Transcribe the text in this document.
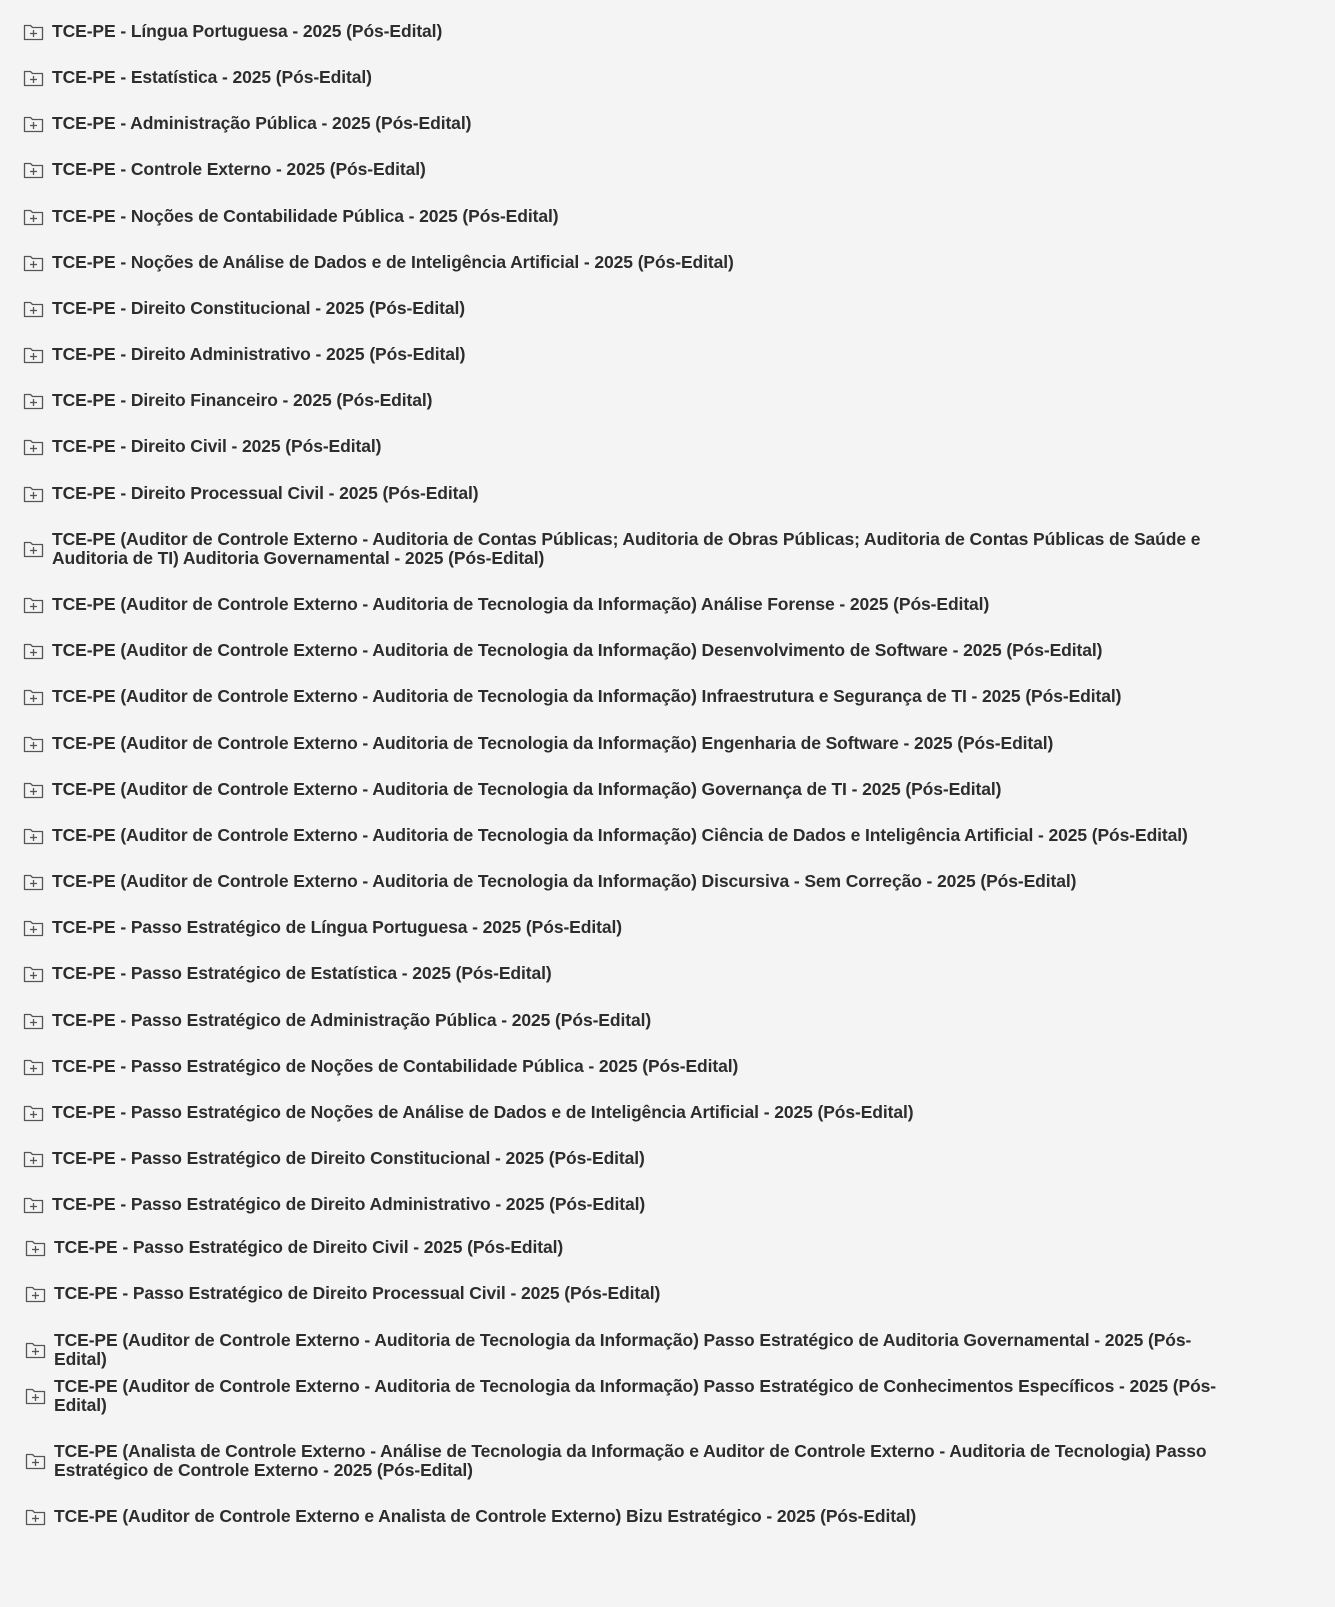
TCE-PE - Língua Portuguesa - 2025 (Pós-Edital)
TCE-PE - Estatística - 2025 (Pós-Edital)
TCE-PE - Administração Pública - 2025 (Pós-Edital)
TCE-PE - Controle Externo - 2025 (Pós-Edital)
TCE-PE - Noções de Contabilidade Pública - 2025 (Pós-Edital)
TCE-PE - Noções de Análise de Dados e de Inteligência Artificial - 2025 (Pós-Edital)
TCE-PE - Direito Constitucional - 2025 (Pós-Edital)
TCE-PE - Direito Administrativo - 2025 (Pós-Edital)
TCE-PE - Direito Financeiro - 2025 (Pós-Edital)
TCE-PE - Direito Civil - 2025 (Pós-Edital)
TCE-PE - Direito Processual Civil - 2025 (Pós-Edital)
TCE-PE (Auditor de Controle Externo - Auditoria de Contas Públicas; Auditoria de Obras Públicas; Auditoria de Contas Públicas de Saúde e Auditoria de TI) Auditoria Governamental - 2025 (Pós-Edital)
TCE-PE (Auditor de Controle Externo - Auditoria de Tecnologia da Informação) Análise Forense - 2025 (Pós-Edital)
TCE-PE (Auditor de Controle Externo - Auditoria de Tecnologia da Informação) Desenvolvimento de Software - 2025 (Pós-Edital)
TCE-PE (Auditor de Controle Externo - Auditoria de Tecnologia da Informação) Infraestrutura e Segurança de TI - 2025 (Pós-Edital)
TCE-PE (Auditor de Controle Externo - Auditoria de Tecnologia da Informação) Engenharia de Software - 2025 (Pós-Edital)
TCE-PE (Auditor de Controle Externo - Auditoria de Tecnologia da Informação) Governança de TI - 2025 (Pós-Edital)
TCE-PE (Auditor de Controle Externo - Auditoria de Tecnologia da Informação) Ciência de Dados e Inteligência Artificial - 2025 (Pós-Edital)
TCE-PE (Auditor de Controle Externo - Auditoria de Tecnologia da Informação) Discursiva - Sem Correção - 2025 (Pós-Edital)
TCE-PE - Passo Estratégico de Língua Portuguesa - 2025 (Pós-Edital)
TCE-PE - Passo Estratégico de Estatística - 2025 (Pós-Edital)
TCE-PE - Passo Estratégico de Administração Pública - 2025 (Pós-Edital)
TCE-PE - Passo Estratégico de Noções de Contabilidade Pública - 2025 (Pós-Edital)
TCE-PE - Passo Estratégico de Noções de Análise de Dados e de Inteligência Artificial - 2025 (Pós-Edital)
TCE-PE - Passo Estratégico de Direito Constitucional - 2025 (Pós-Edital)
TCE-PE - Passo Estratégico de Direito Administrativo - 2025 (Pós-Edital)
TCE-PE - Passo Estratégico de Direito Civil - 2025 (Pós-Edital)
TCE-PE - Passo Estratégico de Direito Processual Civil - 2025 (Pós-Edital)
TCE-PE (Auditor de Controle Externo - Auditoria de Tecnologia da Informação) Passo Estratégico de Auditoria Governamental - 2025 (Pós-Edital)
TCE-PE (Auditor de Controle Externo - Auditoria de Tecnologia da Informação) Passo Estratégico de Conhecimentos Específicos - 2025 (Pós-Edital)
TCE-PE (Analista de Controle Externo - Análise de Tecnologia da Informação e Auditor de Controle Externo - Auditoria de Tecnologia) Passo Estratégico de Controle Externo - 2025 (Pós-Edital)
TCE-PE (Auditor de Controle Externo e Analista de Controle Externo) Bizu Estratégico - 2025 (Pós-Edital)
